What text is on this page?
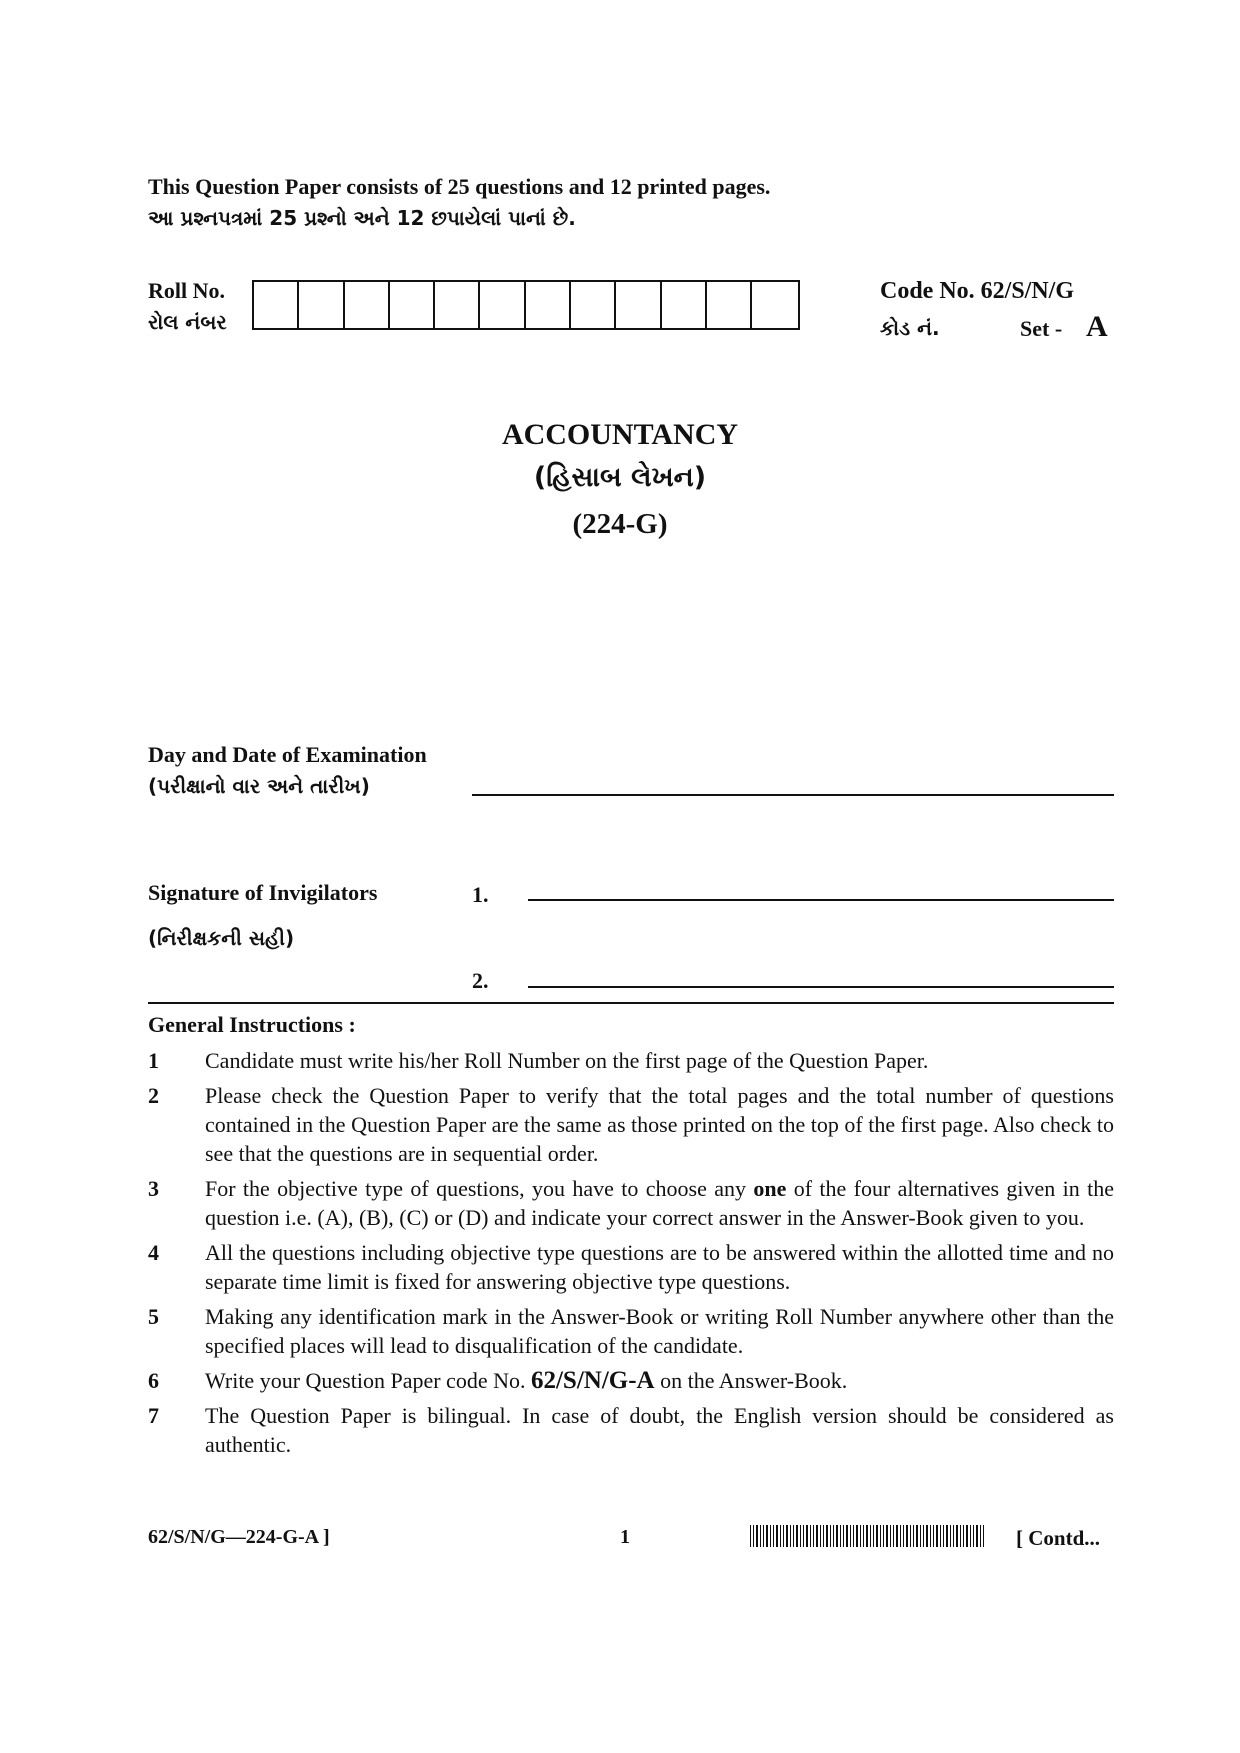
This Question Paper consists of 25 questions and 12 printed pages.
આ પ્રશ્નપત્રમાં 25 પ્રશ્નો અને 12 છપાયેલાં પાનાં છે.
Roll No.
રોલ નંબર
Code No. 62/S/N/G
કોડ નં.	Set - A
ACCOUNTANCY
(હિસાબ લેખન)
(224-G)
Day and Date of Examination
(પરીક્ષાનો વાર અને તારીખ)
Signature of Invigilators
(નિરીક્ષકની સહી)
1.
2.
General Instructions :
1	Candidate must write his/her Roll Number on the first page of the Question Paper.
2	Please check the Question Paper to verify that the total pages and the total number of questions contained in the Question Paper are the same as those printed on the top of the first page. Also check to see that the questions are in sequential order.
3	For the objective type of questions, you have to choose any one of the four alternatives given in the question i.e. (A), (B), (C) or (D) and indicate your correct answer in the Answer-Book given to you.
4	All the questions including objective type questions are to be answered within the allotted time and no separate time limit is fixed for answering objective type questions.
5	Making any identification mark in the Answer-Book or writing Roll Number anywhere other than the specified places will lead to disqualification of the candidate.
6	Write your Question Paper code No. 62/S/N/G-A on the Answer-Book.
7	The Question Paper is bilingual. In case of doubt, the English version should be considered as authentic.
62/S/N/G—224-G-A ]	1	[ Contd...
